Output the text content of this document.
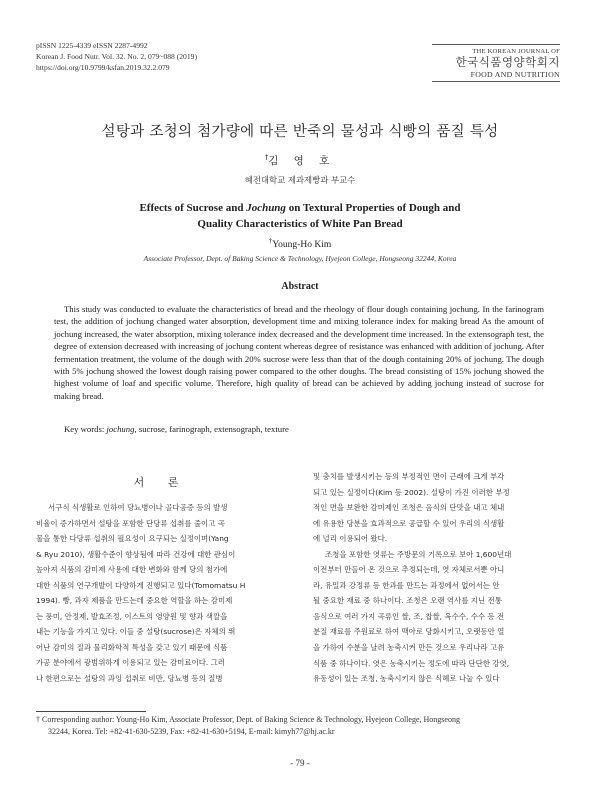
pISSN 1225-4339 eISSN 2287-4992
Korean J. Food Nutr. Vol. 32. No. 2, 079~088 (2019)
https://doi.org/10.9799/ksfan.2019.32.2.079
THE KOREAN JOURNAL OF
한국식품영양학회지
FOOD AND NUTRITION
설탕과 조청의 첨가량에 따른 반죽의 물성과 식빵의 품질 특성
†김 영 호
혜전대학교 제과제빵과 부교수
Effects of Sucrose and Jochung on Textural Properties of Dough and
Quality Characteristics of White Pan Bread
†Young-Ho Kim
Associate Professor, Dept. of Baking Science & Technology, Hyejeon College, Hongseong 32244, Korea
Abstract
This study was conducted to evaluate the characteristics of bread and the rheology of flour dough containing jochung. In the farinogram test, the addition of jochung changed water absorption, development time and mixing tolerance index for making bread As the amount of jochung increased, the water absorption, mixing tolerance index decreased and the development time increased. In the extensograph test, the degree of extension decreased with increasing of jochung content whereas degree of resistance was enhanced with addition of jochung. After fermentation treatment, the volume of the dough with 20% sucrose were less than that of the dough containing 20% of jochung. The dough with 5% jochung showed the lowest dough raising power compared to the other doughs. The bread consisting of 15% jochung showed the highest volume of loaf and specific volume. Therefore, high quality of bread can be achieved by adding jochung instead of sucrose for making bread.
Key words: jochung, sucrose, farinograph, extensograph, texture
서 론

서구식 식생활로 인하여 당뇨병이나 골다공증 등의 발생

비율이 증가하면서 설탕을 포함한 단당류 섭취를 줄이고 곡

물을 통한 다당류 섭취의 필요성이 요구되는 실정이며(Yang

& Ryu 2010), 생활수준이 향상됨에 따라 건강에 대한 관심이

높아져 식품의 감미제 사용에 대한 변화와 함께 당의 첨가에

대한 식품의 연구개발이 다양하게 진행되고 있다(Tomomatsu H

1994). 빵, 과자 제품을 만드는데 중요한 역할을 하는 감미제

는 풍미, 안정제, 발효조정, 이스트의 영양원 및 향과 색깔을

내는 기능을 가지고 있다. 이들 중 설탕(sucrose)은 자체의 뛰

어난 감미의 질과 물리화학적 특성을 갖고 있기 때문에 식품

가공 분야에서 광범위하게 이용되고 있는 감미료이다. 그러

나 한편으로는 설탕의 과잉 섭취로 비만, 당뇨병 등의 질병

및 충치를 발생시키는 등의 부정적인 면이 근래에 크게 부각

되고 있는 실정이다(Kim 등 2002). 설탕이 가진 이러한 부정

적인 면을 보완한 감미제인 조청은 음식의 단맛을 내고 체내

에 유용한 당분을 효과적으로 공급할 수 있어 우리의 식생활

에 널리 이용되어 왔다.

조청을 포함한 엿류는 주방문의 기록으로 보아 1,600년대

이전부터 만들어 온 것으로 추정되는데, 엿 자체로서뿐 아니

라, 유밀과 강정류 등 한과를 만드는 과정에서 없어서는 안

될 중요한 재료 중 하나이다. 조청은 오랜 역사를 지닌 전통

음식으로 여러 가지 곡류인 쌀, 조, 찹쌀, 옥수수, 수수 등 전

분질 재료를 주원료로 하여 맥아로 당화시키고, 오랫동안 열

을 가하여 수분을 날려 농축시켜 만든 것으로 우리나라 고유

식품 중 하나이다. 엿은 농축시키는 정도에 따라 단단한 강엿,

유동성이 있는 조청, 농축시키지 않은 식혜로 나눌 수 있다

† Corresponding author: Young-Ho Kim, Associate Professor, Dept. of Baking Science & Technology, Hyejeon College, Hongseong
32244, Korea. Tel: +82-41-630-5239, Fax: +82-41-630+5194, E-mail: kimyh77@hj.ac.kr
- 79 -
